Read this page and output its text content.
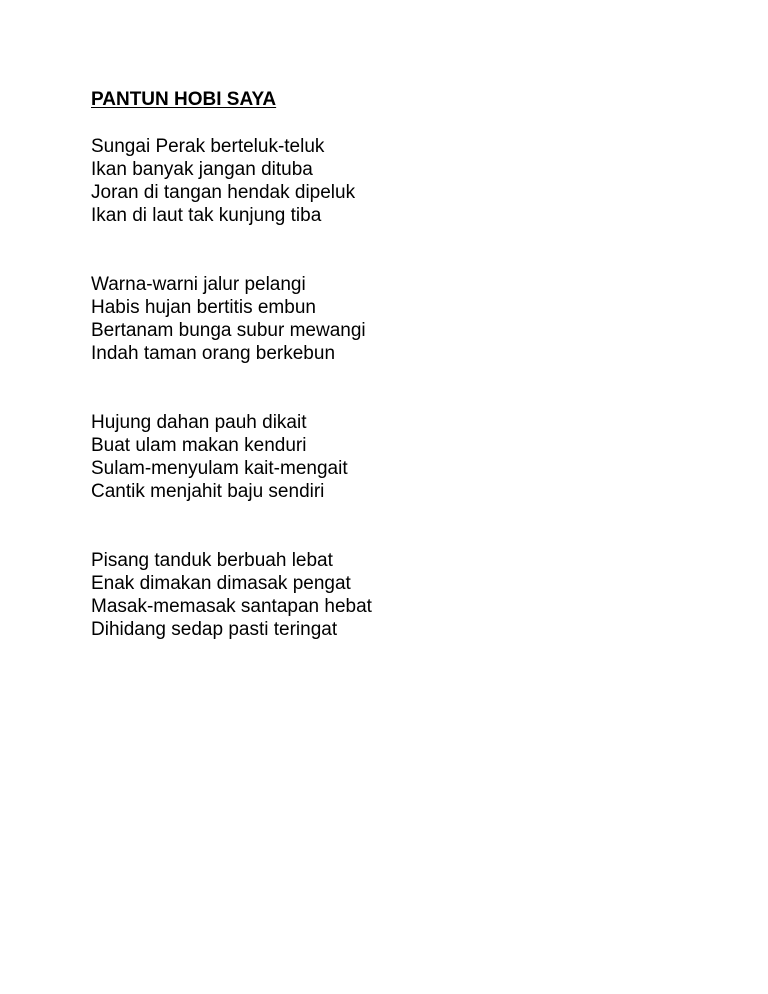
PANTUN HOBI SAYA
Sungai Perak berteluk-teluk
Ikan banyak jangan dituba
Joran di tangan hendak dipeluk
Ikan di laut tak kunjung tiba
Warna-warni jalur pelangi
Habis hujan bertitis embun
Bertanam bunga subur mewangi
Indah taman orang berkebun
Hujung dahan pauh dikait
Buat ulam makan kenduri
Sulam-menyulam kait-mengait
Cantik menjahit baju sendiri
Pisang tanduk berbuah lebat
Enak dimakan dimasak pengat
Masak-memasak santapan hebat
Dihidang sedap pasti teringat
